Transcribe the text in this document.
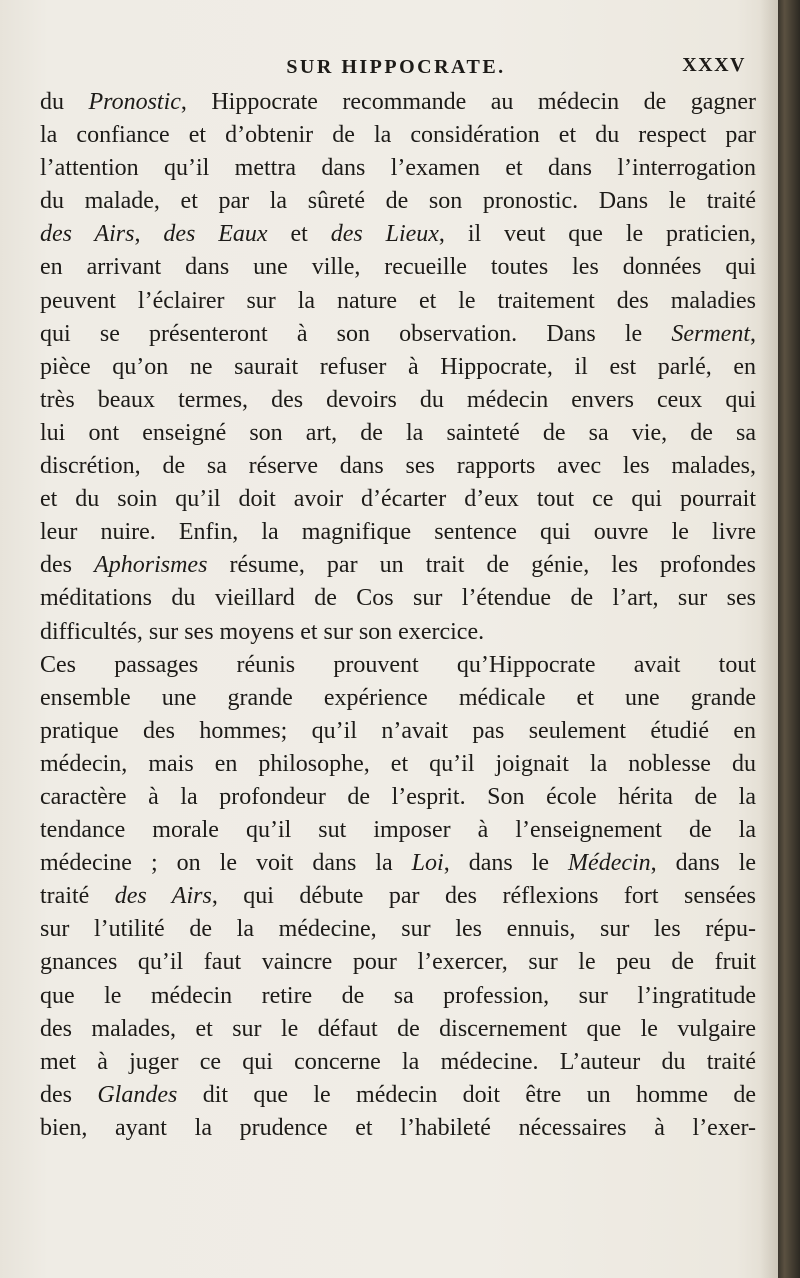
SUR HIPPOCRATE.	XXXV
du Pronostic, Hippocrate recommande au médecin de gagner
la confiance et d’obtenir de la considération et du respect par
l’attention qu’il mettra dans l’examen et dans l’interrogation
du malade, et par la sûreté de son pronostic. Dans le traité
des Airs, des Eaux et des Lieux, il veut que le praticien,
en arrivant dans une ville, recueille toutes les données qui
peuvent l’éclairer sur la nature et le traitement des maladies
qui se présenteront à son observation. Dans le Serment,
pièce qu’on ne saurait refuser à Hippocrate, il est parlé, en
très beaux termes, des devoirs du médecin envers ceux qui
lui ont enseigné son art, de la sainteté de sa vie, de sa
discrétion, de sa réserve dans ses rapports avec les malades,
et du soin qu’il doit avoir d’écarter d’eux tout ce qui pourrait
leur nuire. Enfin, la magnifique sentence qui ouvre le livre
des Aphorismes résume, par un trait de génie, les profondes
méditations du vieillard de Cos sur l’étendue de l’art, sur ses
difficultés, sur ses moyens et sur son exercice.
Ces passages réunis prouvent qu’Hippocrate avait tout
ensemble une grande expérience médicale et une grande
pratique des hommes; qu’il n’avait pas seulement étudié en
médecin, mais en philosophe, et qu’il joignait la noblesse du
caractère à la profondeur de l’esprit. Son école hérita de la
tendance morale qu’il sut imposer à l’enseignement de la
médecine ; on le voit dans la Loi, dans le Médecin, dans le
traité des Airs, qui débute par des réflexions fort sensées
sur l’utilité de la médecine, sur les ennuis, sur les répu-
gnances qu’il faut vaincre pour l’exercer, sur le peu de fruit
que le médecin retire de sa profession, sur l’ingratitude
des malades, et sur le défaut de discernement que le vulgaire
met à juger ce qui concerne la médecine. L’auteur du traité
des Glandes dit que le médecin doit être un homme de
bien, ayant la prudence et l’habileté nécessaires à l’exer-
